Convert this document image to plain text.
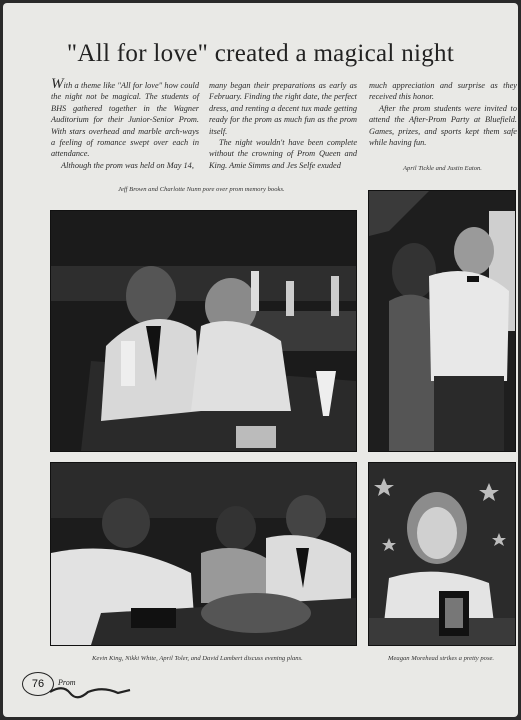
"All for love" created a magical night

With a theme like "All for love" how could the night not be magical. The students of BHS gathered together in the Wagner Auditorium for their Junior-Senior Prom. With stars overhead and marble arch-ways a feeling of romance swept over each in attendance.

Although the prom was held on May 14,

many began their preparations as early as February. Finding the right date, the perfect dress, and renting a decent tux made getting ready for the prom as much fun as the prom itself.

The night wouldn't have been complete without the crowning of Prom Queen and King. Amie Simms and Jes Selfe exuded

much appreciation and surprise as they received this honor.

After the prom students were invited to attend the After-Prom Party at Bluefield. Games, prizes, and sports kept them safe while having fun.

April Tickle and Justin Eaton.
Jeff Brown and Charlotte Nunn pore over prom memory books.
Kevin King, Nikki White, April Toler, and David Lambert discuss evening plans.	Meagan Morehead strikes a pretty pose.
76	Prom
